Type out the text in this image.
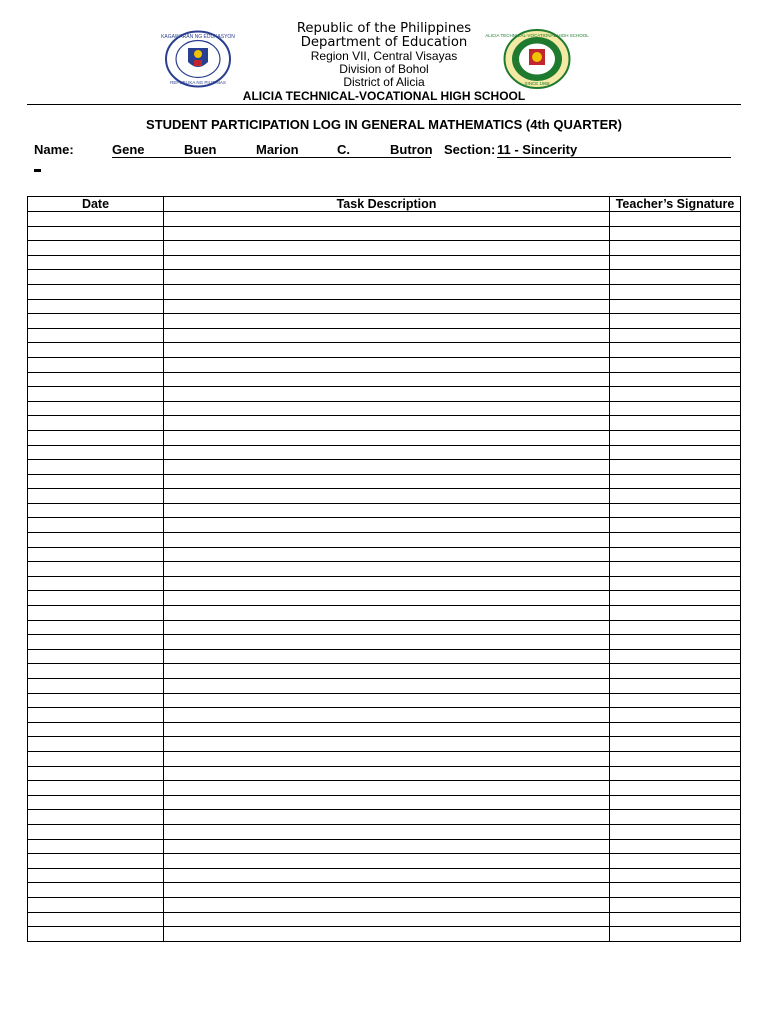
KAGAWARAN NG EDUKASYON
REPUBLIKA NG PILIPINAS
Republic of the Philippines
Department of Education
Region VII, Central Visayas
Division of Bohol
District of Alicia
ALICIA TECHNICAL-VOCATIONAL HIGH SCHOOL
ALICIA TECHNICAL-VOCATIONAL HIGH SCHOOL
SINCE 1968
STUDENT PARTICIPATION LOG IN GENERAL MATHEMATICS (4th QUARTER)
Name:	Gene	Buen	Marion	C.	Butron Section: 11 - Sincerity
Date	Task Description	Teacher’s Signature
